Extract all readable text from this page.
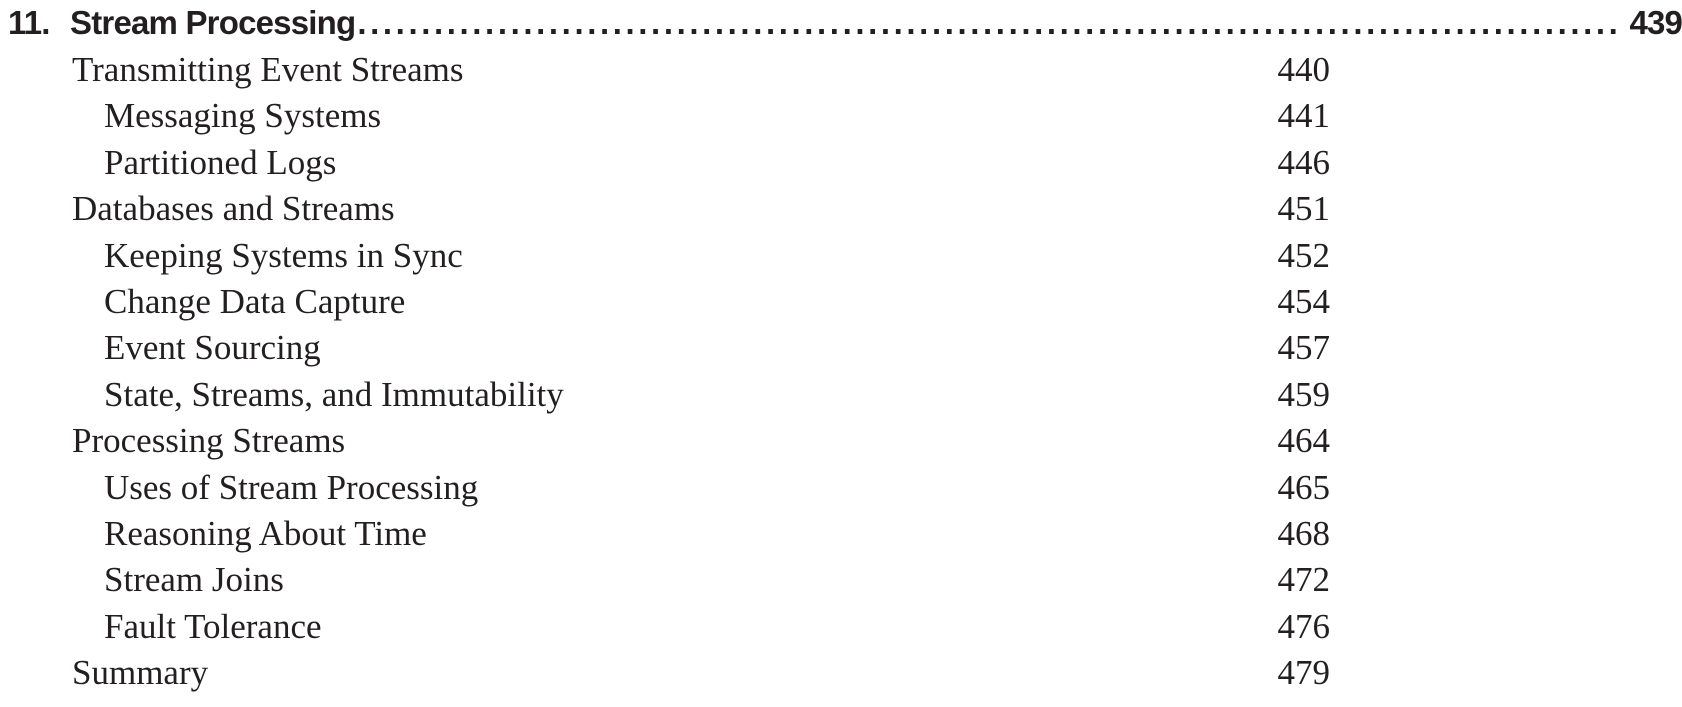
11. Stream Processing ................................................................................................... 439
Transmitting Event Streams	440
Messaging Systems	441
Partitioned Logs	446
Databases and Streams	451
Keeping Systems in Sync	452
Change Data Capture	454
Event Sourcing	457
State, Streams, and Immutability	459
Processing Streams	464
Uses of Stream Processing	465
Reasoning About Time	468
Stream Joins	472
Fault Tolerance	476
Summary	479
